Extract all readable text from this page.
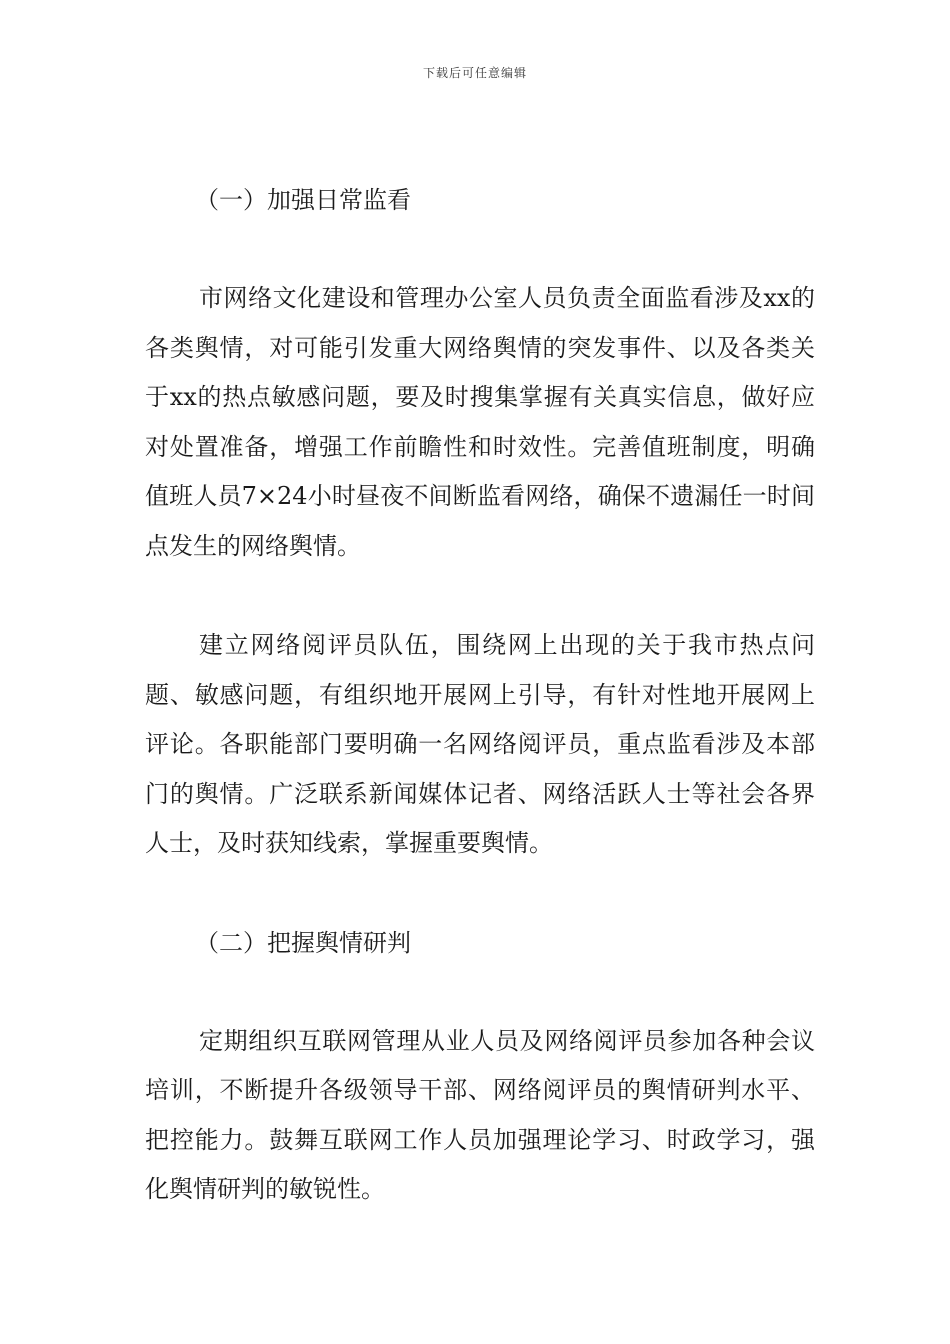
下载后可任意编辑
（一）加强日常监看

市网络文化建设和管理办公室人员负责全面监看涉及xx的各类舆情，对可能引发重大网络舆情的突发事件、以及各类关于xx的热点敏感问题，要及时搜集掌握有关真实信息，做好应对处置准备，增强工作前瞻性和时效性。完善值班制度，明确值班人员7×24小时昼夜不间断监看网络，确保不遗漏任一时间点发生的网络舆情。

建立网络阅评员队伍，围绕网上出现的关于我市热点问题、敏感问题，有组织地开展网上引导，有针对性地开展网上评论。各职能部门要明确一名网络阅评员，重点监看涉及本部门的舆情。广泛联系新闻媒体记者、网络活跃人士等社会各界人士，及时获知线索，掌握重要舆情。

（二）把握舆情研判

定期组织互联网管理从业人员及网络阅评员参加各种会议培训，不断提升各级领导干部、网络阅评员的舆情研判水平、把控能力。鼓舞互联网工作人员加强理论学习、时政学习，强化舆情研判的敏锐性。
